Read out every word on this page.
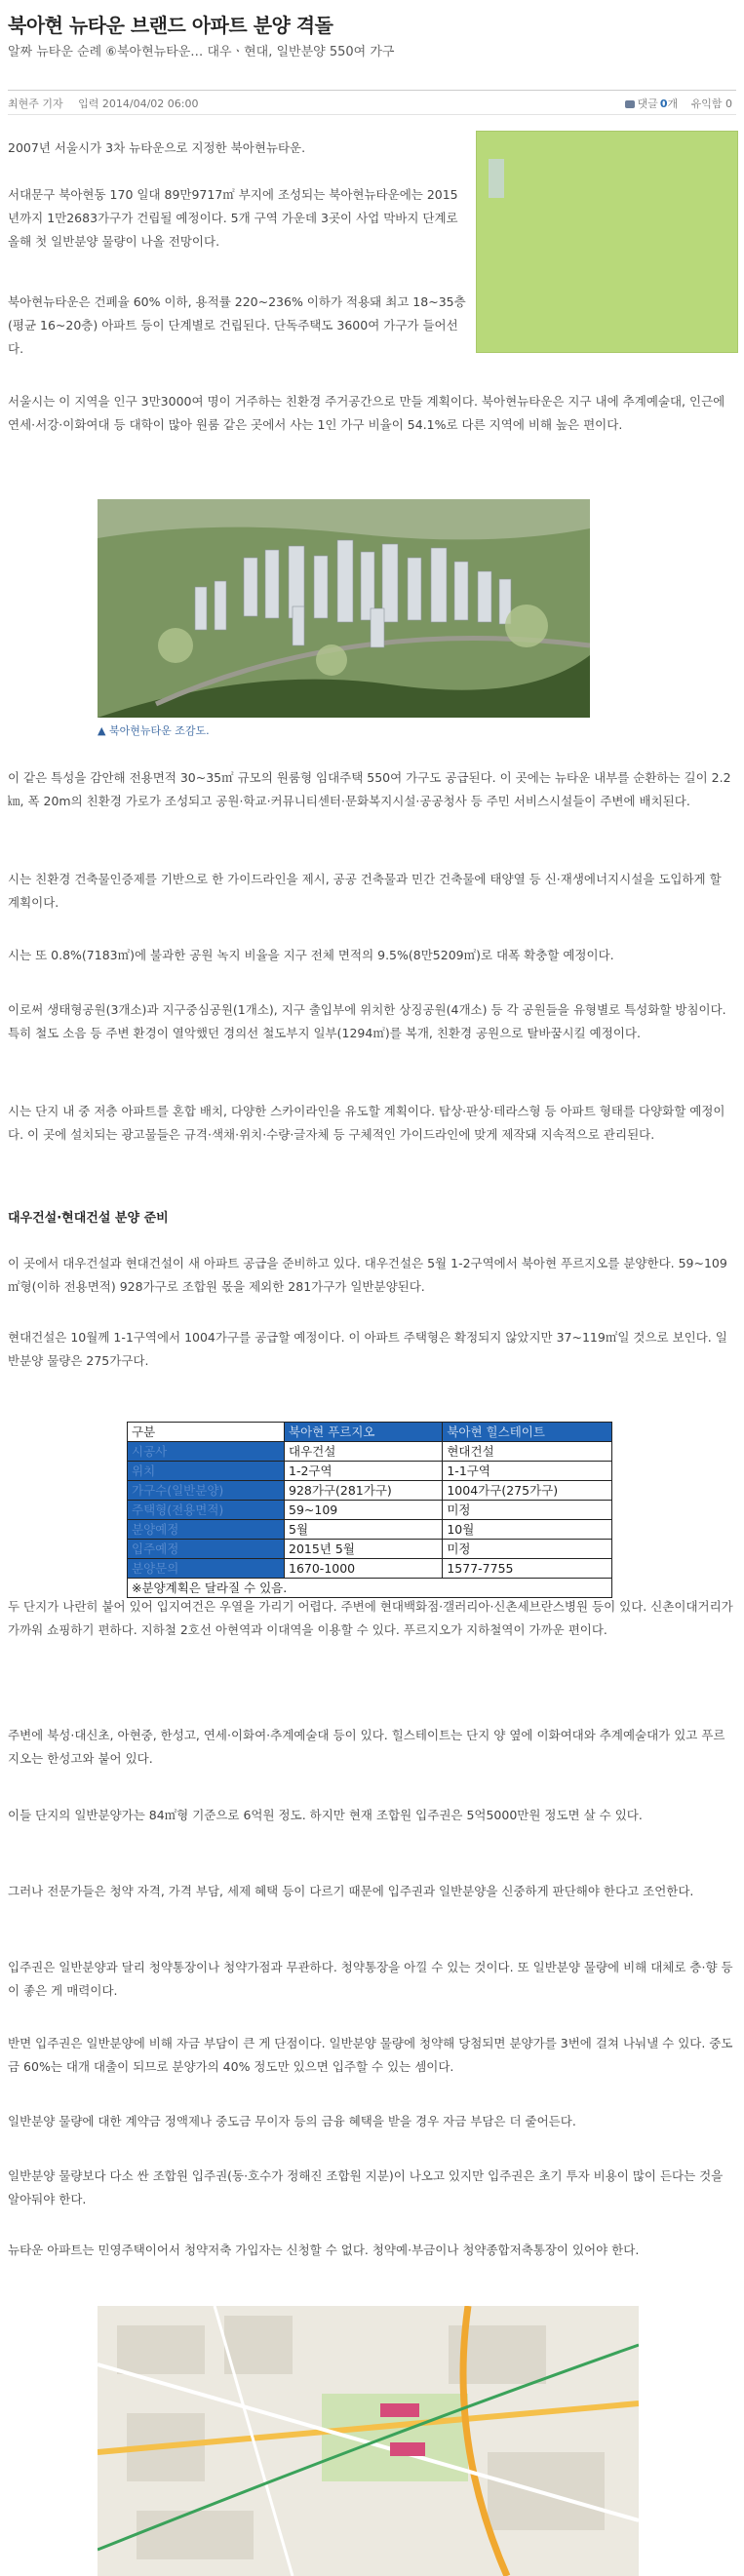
북아현 뉴타운 브랜드 아파트 분양 격돌
알짜 뉴타운 순례 ⑥북아현뉴타운… 대우ㆍ현대, 일반분양 550여 가구
최현주 기자 입력 2014/04/02 06:00	댓글 0개 유익함 0

2007년 서울시가 3차 뉴타운으로 지정한 북아현뉴타운.

서대문구 북아현동 170 일대 89만9717㎡ 부지에 조성되는 북아현뉴타운에는 2015년까지 1만2683가구가 건립될 예정이다. 5개 구역 가운데 3곳이 사업 막바지 단계로 올해 첫 일반분양 물량이 나올 전망이다.

북아현뉴타운은 건폐율 60% 이하, 용적률 220~236% 이하가 적용돼 최고 18~35층(평균 16~20층) 아파트 등이 단계별로 건립된다. 단독주택도 3600여 가구가 들어선다.

서울시는 이 지역을 인구 3만3000여 명이 거주하는 친환경 주거공간으로 만들 계획이다. 북아현뉴타운은 지구 내에 추계예술대, 인근에 연세·서강·이화여대 등 대학이 많아 원룸 같은 곳에서 사는 1인 가구 비율이 54.1%로 다른 지역에 비해 높은 편이다.

▲ 북아현뉴타운 조감도.

이 같은 특성을 감안해 전용면적 30~35㎡ 규모의 원룸형 임대주택 550여 가구도 공급된다. 이 곳에는 뉴타운 내부를 순환하는 길이 2.2㎞, 폭 20m의 친환경 가로가 조성되고 공원·학교·커뮤니티센터·문화복지시설·공공청사 등 주민 서비스시설들이 주변에 배치된다.

시는 친환경 건축물인증제를 기반으로 한 가이드라인을 제시, 공공 건축물과 민간 건축물에 태양열 등 신·재생에너지시설을 도입하게 할 계획이다.

시는 또 0.8%(7183㎡)에 불과한 공원 녹지 비율을 지구 전체 면적의 9.5%(8만5209㎡)로 대폭 확충할 예정이다.

이로써 생태형공원(3개소)과 지구중심공원(1개소), 지구 출입부에 위치한 상징공원(4개소) 등 각 공원들을 유형별로 특성화할 방침이다. 특히 철도 소음 등 주변 환경이 열악했던 경의선 철도부지 일부(1294㎡)를 복개, 친환경 공원으로 탈바꿈시킬 예정이다.

시는 단지 내 중 저층 아파트를 혼합 배치, 다양한 스카이라인을 유도할 계획이다. 탑상·판상·테라스형 등 아파트 형태를 다양화할 예정이다. 이 곳에 설치되는 광고물들은 규격·색채·위치·수량·글자체 등 구체적인 가이드라인에 맞게 제작돼 지속적으로 관리된다.

대우건설·현대건설 분양 준비

이 곳에서 대우건설과 현대건설이 새 아파트 공급을 준비하고 있다. 대우건설은 5월 1-2구역에서 북아현 푸르지오를 분양한다. 59~109㎡형(이하 전용면적) 928가구로 조합원 몫을 제외한 281가구가 일반분양된다.

현대건설은 10월께 1-1구역에서 1004가구를 공급할 예정이다. 이 아파트 주택형은 확정되지 않았지만 37~119㎡일 것으로 보인다. 일반분양 물량은 275가구다.

구분	북아현 푸르지오	북아현 힐스테이트
시공사	대우건설	현대건설
위치	1-2구역	1-1구역
가구수(일반분양)	928가구(281가구)	1004가구(275가구)
주택형(전용면적)	59~109	미정
분양예정	5월	10월
입주예정	2015년 5월	미정
분양문의	1670-1000	1577-7755
※분양계획은 달라질 수 있음.		

두 단지가 나란히 붙어 있어 입지여건은 우열을 가리기 어렵다. 주변에 현대백화점·갤러리아·신촌세브란스병원 등이 있다. 신촌이대거리가 가까워 쇼핑하기 편하다. 지하철 2호선 아현역과 이대역을 이용할 수 있다. 푸르지오가 지하철역이 가까운 편이다.

주변에 북성·대신초, 아현중, 한성고, 연세·이화여·추계예술대 등이 있다. 힐스테이트는 단지 양 옆에 이화여대와 추계예술대가 있고 푸르지오는 한성고와 붙어 있다.

이들 단지의 일반분양가는 84㎡형 기준으로 6억원 정도. 하지만 현재 조합원 입주권은 5억5000만원 정도면 살 수 있다.

그러나 전문가들은 청약 자격, 가격 부담, 세제 혜택 등이 다르기 때문에 입주권과 일반분양을 신중하게 판단해야 한다고 조언한다.

입주권은 일반분양과 달리 청약통장이나 청약가점과 무관하다. 청약통장을 아낄 수 있는 것이다. 또 일반분양 물량에 비해 대체로 층·향 등이 좋은 게 매력이다.

반면 입주권은 일반분양에 비해 자금 부담이 큰 게 단점이다. 일반분양 물량에 청약해 당첨되면 분양가를 3번에 걸쳐 나눠낼 수 있다. 중도금 60%는 대개 대출이 되므로 분양가의 40% 정도만 있으면 입주할 수 있는 셈이다.

일반분양 물량에 대한 계약금 정액제나 중도금 무이자 등의 금융 혜택을 받을 경우 자금 부담은 더 줄어든다.

일반분양 물량보다 다소 싼 조합원 입주권(동·호수가 정해진 조합원 지분)이 나오고 있지만 입주권은 초기 투자 비용이 많이 든다는 것을 알아둬야 한다.

뉴타운 아파트는 민영주택이어서 청약저축 가입자는 신청할 수 없다. 청약예·부금이나 청약종합저축통장이 있어야 한다.
